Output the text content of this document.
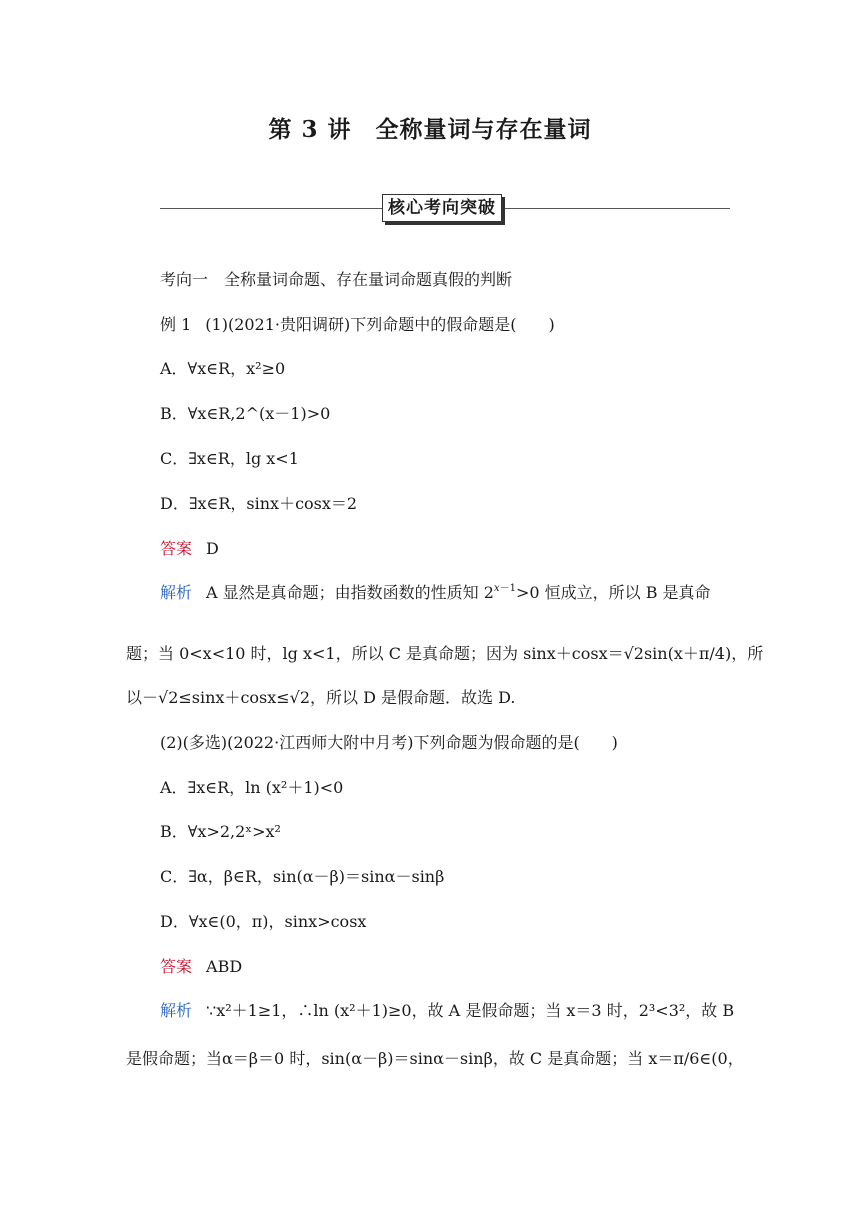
第 3 讲　全称量词与存在量词
核心考向突破
考向一　全称量词命题、存在量词命题真假的判断
例 1 (1)(2021·贵阳调研)下列命题中的假命题是(　　)
A．∀x∈R，x²≥0
B．∀x∈R,2^(x－1)>0
C．∃x∈R，lg x<1
D．∃x∈R，sinx＋cosx＝2
答案 D
解析 A 显然是真命题；由指数函数的性质知 $2^{x-1}>0$ 恒成立，所以 B 是真命
题；当 0<x<10 时，lg x<1，所以 C 是真命题；因为 sinx＋cosx＝√2sin(x＋π/4)，所
以－√2≤sinx＋cosx≤√2，所以 D 是假命题．故选 D.
(2)(多选)(2022·江西师大附中月考)下列命题为假命题的是(　　)
A．∃x∈R，ln (x²＋1)<0
B．∀x>2,2ˣ>x²
C．∃α，β∈R，sin(α－β)＝sinα－sinβ
D．∀x∈(0，π)，sinx>cosx
答案 ABD
解析 ∵x²＋1≥1，∴ln (x²＋1)≥0，故 A 是假命题；当 x＝3 时，2³<3²，故 B
是假命题；当α＝β＝0 时，sin(α－β)＝sinα－sinβ，故 C 是真命题；当 x＝π/6∈(0，
